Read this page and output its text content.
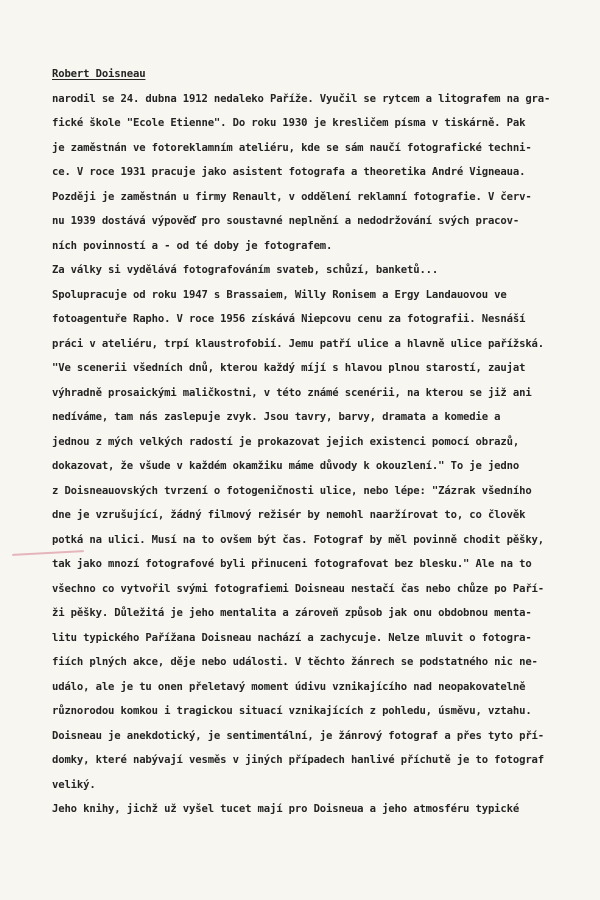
Robert Doisneau
narodil se 24. dubna 1912 nedaleko Paříže. Vyučil se rytcem a litografem na gra-
fické škole "Ecole Etienne". Do roku 1930 je kresličem písma v tiskárně. Pak
je zaměstnán ve fotoreklamním ateliéru, kde se sám naučí fotografické techni-
ce. V roce 1931 pracuje jako asistent fotografa a theoretika André Vigneaua.
Později je zaměstnán u firmy Renault, v oddělení reklamní fotografie. V červ-
nu 1939 dostává výpověď pro soustavné neplnění a nedodržování svých pracov-
ních povinností a - od té doby je fotografem.
Za války si vydělává fotografováním svateb, schůzí, banketů...
Spolupracuje od roku 1947 s Brassaiem, Willy Ronisem a Ergy Landauovou ve
fotoagentuře Rapho. V roce 1956 získává Niepcovu cenu za fotografii. Nesnáší
práci v ateliéru, trpí klaustrofobií. Jemu patří ulice a hlavně ulice pařížská.
"Ve scenerii všedních dnů, kterou každý míjí s hlavou plnou starostí, zaujat
výhradně prosaickými maličkostni, v této známé scenérii, na kterou se již ani
nedíváme, tam nás zaslepuje zvyk. Jsou tavry, barvy, dramata a komedie a
jednou z mých velkých radostí je prokazovat jejich existenci pomocí obrazů,
dokazovat, že všude v každém okamžiku máme důvody k okouzlení." To je jedno
z Doisneauovských tvrzení o fotogeničnosti ulice, nebo lépe: "Zázrak všedního
dne je vzrušující, žádný filmový režisér by nemohl naaržírovat to, co člověk
potká na ulici. Musí na to ovšem být čas. Fotograf by měl povinně chodit pěšky,
tak jako mnozí fotografové byli přinuceni fotografovat bez blesku." Ale na to
všechno co vytvořil svými fotografiemi Doisneau nestačí čas nebo chůze po Paří-
ži pěšky. Důležitá je jeho mentalita a zároveň způsob jak onu obdobnou menta-
litu typického Pařížana Doisneau nachází a zachycuje. Nelze mluvit o fotogra-
fiích plných akce, děje nebo události. V těchto žánrech se podstatného nic ne-
událo, ale je tu onen přeletavý moment údivu vznikajícího nad neopakovatelně
různorodou komkou i tragickou situací vznikajících z pohledu, úsměvu, vztahu.
Doisneau je anekdotický, je sentimentální, je žánrový fotograf a přes tyto pří-
domky, které nabývají vesměs v jiných případech hanlivé příchutě je to fotograf
veliký.
Jeho knihy, jichž už vyšel tucet mají pro Doisneua a jeho atmosféru typické
